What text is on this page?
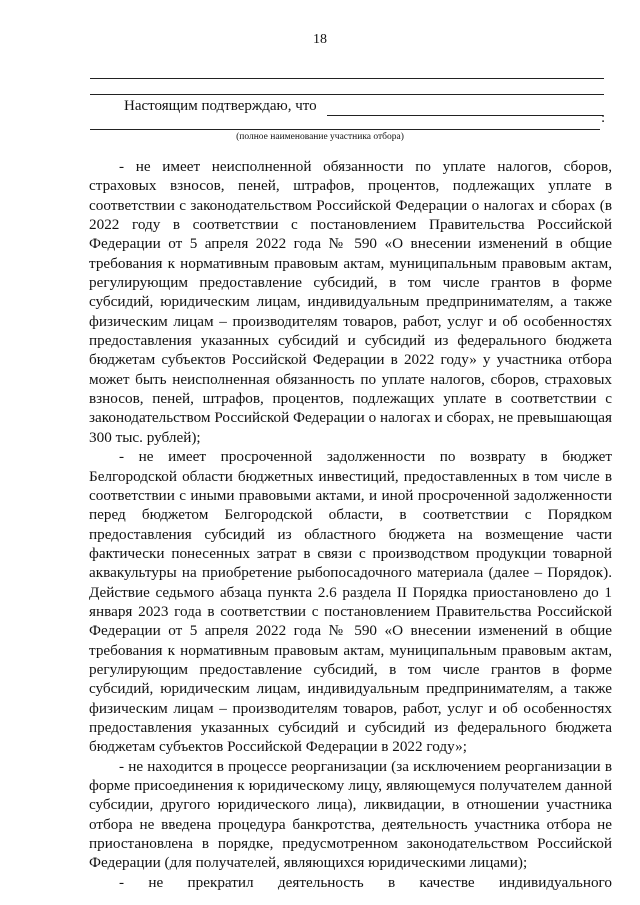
18
Настоящим подтверждаю, что
:
(полное наименование участника отбора)

- не имеет неисполненной обязанности по уплате налогов, сборов, страховых взносов, пеней, штрафов, процентов, подлежащих уплате в соответствии с законодательством Российской Федерации о налогах и сборах (в 2022 году в соответствии с постановлением Правительства Российской Федерации от 5 апреля 2022 года № 590 «О внесении изменений в общие требования к нормативным правовым актам, муниципальным правовым актам, регулирующим предоставление субсидий, в том числе грантов в форме субсидий, юридическим лицам, индивидуальным предпринимателям, а также физическим лицам – производителям товаров, работ, услуг и об особенностях предоставления указанных субсидий и субсидий из федерального бюджета бюджетам субъектов Российской Федерации в 2022 году» у участника отбора может быть неисполненная обязанность по уплате налогов, сборов, страховых взносов, пеней, штрафов, процентов, подлежащих уплате в соответствии с законодательством Российской Федерации о налогах и сборах, не превышающая 300 тыс. рублей);

- не имеет просроченной задолженности по возврату в бюджет Белгородской области бюджетных инвестиций, предоставленных в том числе в соответствии с иными правовыми актами, и иной просроченной задолженности перед бюджетом Белгородской области, в соответствии с Порядком предоставления субсидий из областного бюджета на возмещение части фактически понесенных затрат в связи с производством продукции товарной аквакультуры на приобретение рыбопосадочного материала (далее – Порядок). Действие седьмого абзаца пункта 2.6 раздела II Порядка приостановлено до 1 января 2023 года в соответствии с постановлением Правительства Российской Федерации от 5 апреля 2022 года № 590 «О внесении изменений в общие требования к нормативным правовым актам, муниципальным правовым актам, регулирующим предоставление субсидий, в том числе грантов в форме субсидий, юридическим лицам, индивидуальным предпринимателям, а также физическим лицам – производителям товаров, работ, услуг и об особенностях предоставления указанных субсидий и субсидий из федерального бюджета бюджетам субъектов Российской Федерации в 2022 году»;

- не находится в процессе реорганизации (за исключением реорганизации в форме присоединения к юридическому лицу, являющемуся получателем данной субсидии, другого юридического лица), ликвидации, в отношении участника отбора не введена процедура банкротства, деятельность участника отбора не приостановлена в порядке, предусмотренном законодательством Российской Федерации (для получателей, являющихся юридическими лицами);

- не прекратил деятельность в качестве индивидуального
